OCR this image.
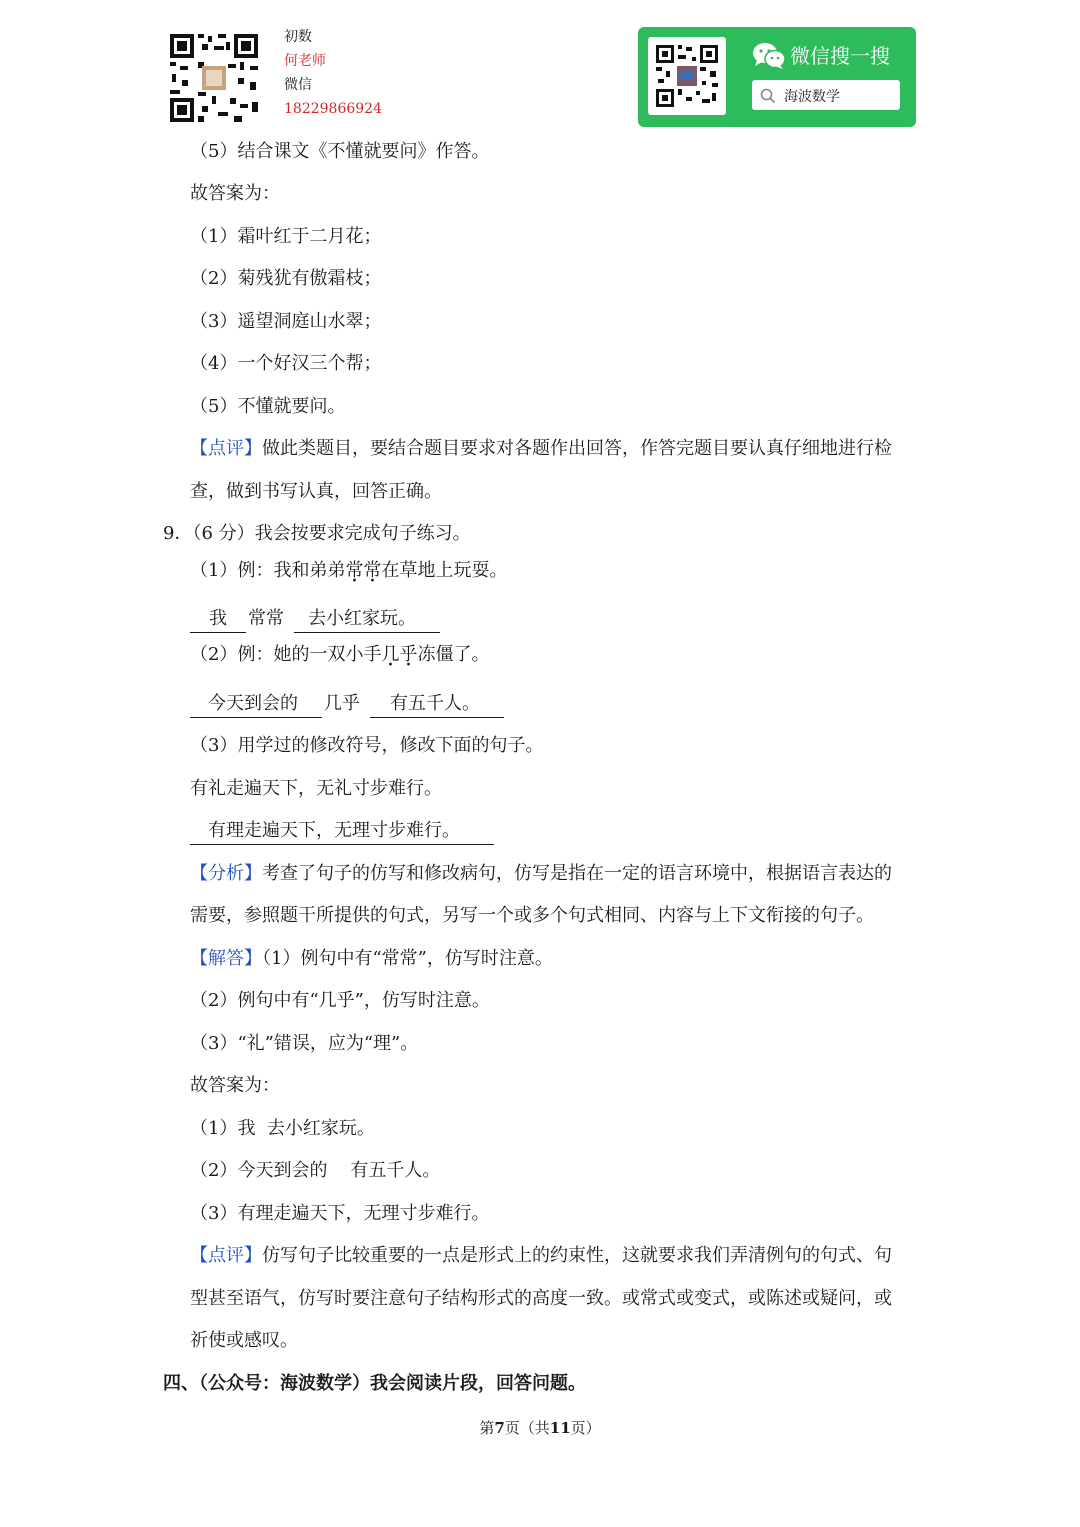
初数
何老师
微信
18229866924
微信搜一搜
海波数学
（5）结合课文《不懂就要问》作答。
故答案为：
（1）霜叶红于二月花；
（2）菊残犹有傲霜枝；
（3）遥望洞庭山水翠；
（4）一个好汉三个帮；
（5）不懂就要问。
【点评】做此类题目，要结合题目要求对各题作出回答，作答完题目要认真仔细地进行检
查，做到书写认真，回答正确。
9．（6 分）我会按要求完成句子练习。
（1）例：我和弟弟常常在草地上玩耍。
我 常常 去小红家玩。
（2）例：她的一双小手几乎冻僵了。
今天到会的 几乎 有五千人。
（3）用学过的修改符号，修改下面的句子。
有礼走遍天下，无礼寸步难行。
有理走遍天下，无理寸步难行。
【分析】考查了句子的仿写和修改病句，仿写是指在一定的语言环境中，根据语言表达的
需要，参照题干所提供的句式，另写一个或多个句式相同、内容与上下文衔接的句子。
【解答】（1）例句中有“常常”，仿写时注意。
（2）例句中有“几乎”，仿写时注意。
（3）“礼”错误，应为“理”。
故答案为：
（1）我  去小红家玩。
（2）今天到会的    有五千人。
（3）有理走遍天下，无理寸步难行。
【点评】仿写句子比较重要的一点是形式上的约束性，这就要求我们弄清例句的句式、句
型甚至语气，仿写时要注意句子结构形式的高度一致。或常式或变式，或陈述或疑问，或
祈使或感叹。
四、（公众号：海波数学）我会阅读片段，回答问题。
第7页（共11页）
